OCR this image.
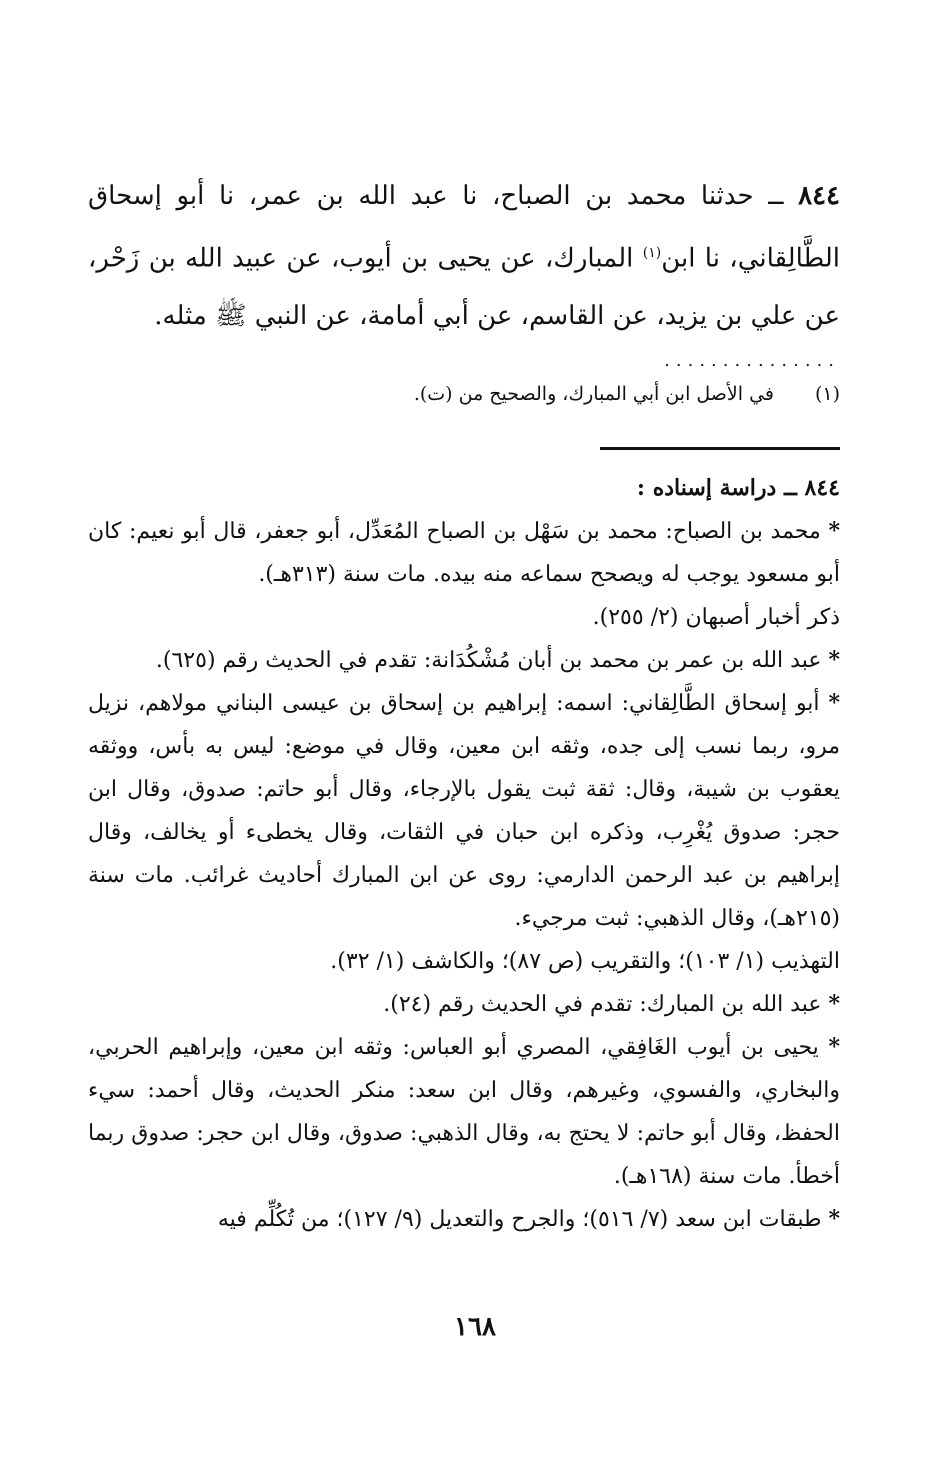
٨٤٤ ــ حدثنا محمد بن الصباح، نا عبد الله بن عمر، نا أبو إسحاق الطَّالِقاني، نا ابن$^{(١)}$ المبارك، عن يحيى بن أيوب، عن عبيد الله بن زَحْر، عن علي بن يزيد، عن القاسم، عن أبي أمامة، عن النبي ﷺ مثله.
...............
(١)
في الأصل ابن أبي المبارك، والصحيح من (ت).

٨٤٤ ــ دراسة إسناده :

* محمد بن الصباح: محمد بن سَهْل بن الصباح المُعَدِّل، أبو جعفر، قال أبو نعيم: كان أبو مسعود يوجب له ويصحح سماعه منه بيده. مات سنة (٣١٣هـ).

ذكر أخبار أصبهان (٢/ ٢٥٥).

* عبد الله بن عمر بن محمد بن أبان مُشْكُدَانة: تقدم في الحديث رقم (٦٢٥).

* أبو إسحاق الطَّالِقاني: اسمه: إبراهيم بن إسحاق بن عيسى البناني مولاهم، نزيل مرو، ربما نسب إلى جده، وثقه ابن معين، وقال في موضع: ليس به بأس، ووثقه يعقوب بن شيبة، وقال: ثقة ثبت يقول بالإرجاء، وقال أبو حاتم: صدوق، وقال ابن حجر: صدوق يُغْرِب، وذكره ابن حبان في الثقات، وقال يخطىء أو يخالف، وقال إبراهيم بن عبد الرحمن الدارمي: روى عن ابن المبارك أحاديث غرائب. مات سنة (٢١٥هـ)، وقال الذهبي: ثبت مرجيء.

التهذيب (١/ ١٠٣)؛ والتقريب (ص ٨٧)؛ والكاشف (١/ ٣٢).

* عبد الله بن المبارك: تقدم في الحديث رقم (٢٤).

* يحيى بن أيوب الغَافِقي، المصري أبو العباس: وثقه ابن معين، وإبراهيم الحربي، والبخاري، والفسوي، وغيرهم، وقال ابن سعد: منكر الحديث، وقال أحمد: سيء الحفظ، وقال أبو حاتم: لا يحتج به، وقال الذهبي: صدوق، وقال ابن حجر: صدوق ربما أخطأ. مات سنة (١٦٨هـ).

* طبقات ابن سعد (٧/ ٥١٦)؛ والجرح والتعديل (٩/ ١٢٧)؛ من تُكُلِّم فيه

١٦٨
